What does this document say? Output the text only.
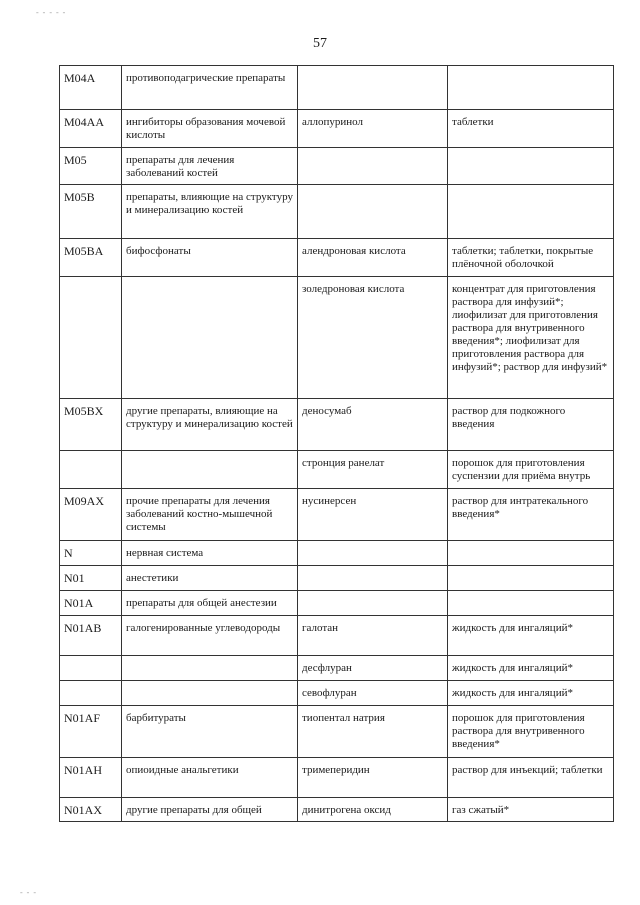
57
- - - - -
- - -
M04A	противоподагрические препараты		
M04AA	ингибиторы образования мочевой кислоты	аллопуринол	таблетки
M05	препараты для лечения заболеваний костей		
M05B	препараты, влияющие на структуру и минерализацию костей		
M05BA	бифосфонаты	алендроновая кислота	таблетки; таблетки, покрытые плёночной оболочкой
		золедроновая кислота	концентрат для приготовления раствора для инфузий*; лиофилизат для приготовления раствора для внутривенного введения*; лиофилизат для приготовления раствора для инфузий*; раствор для инфузий*
M05BX	другие препараты, влияющие на структуру и минерализацию костей	деносумаб	раствор для подкожного введения
		стронция ранелат	порошок для приготовления суспензии для приёма внутрь
M09AX	прочие препараты для лечения заболеваний костно-мышечной системы	нусинерсен	раствор для интратекального введения*
N	нервная система		
N01	анестетики		
N01A	препараты для общей анестезии		
N01AB	галогенированные углеводороды	галотан	жидкость для ингаляций*
		десфлуран	жидкость для ингаляций*
		севофлуран	жидкость для ингаляций*
N01AF	барбитураты	тиопентал натрия	порошок для приготовления раствора для внутривенного введения*
N01AH	опиоидные анальгетики	тримеперидин	раствор для инъекций; таблетки
N01AX	другие препараты для общей	динитрогена оксид	газ сжатый*
